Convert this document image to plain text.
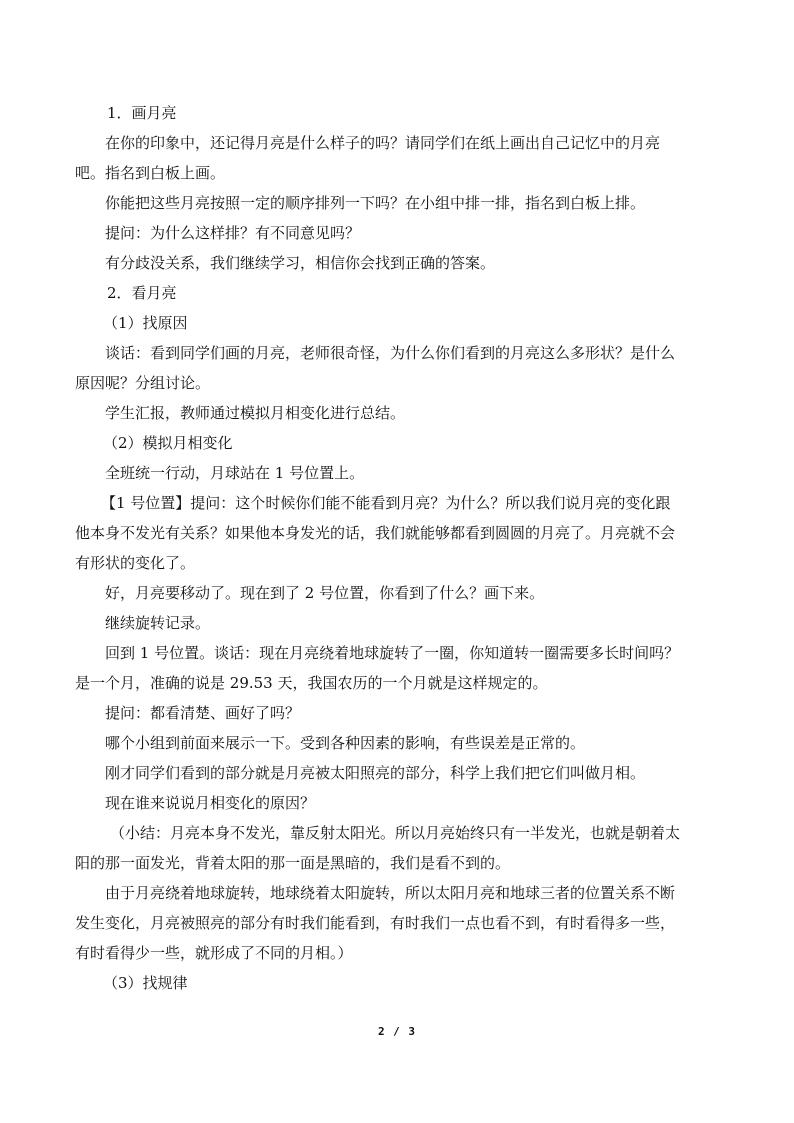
1．画月亮
在你的印象中，还记得月亮是什么样子的吗？请同学们在纸上画出自己记忆中的月亮
吧。指名到白板上画。
你能把这些月亮按照一定的顺序排列一下吗？在小组中排一排，指名到白板上排。
提问：为什么这样排？有不同意见吗？
有分歧没关系，我们继续学习，相信你会找到正确的答案。
2．看月亮
（1）找原因
谈话：看到同学们画的月亮，老师很奇怪，为什么你们看到的月亮这么多形状？是什么
原因呢？分组讨论。
学生汇报，教师通过模拟月相变化进行总结。
（2）模拟月相变化
全班统一行动，月球站在 1 号位置上。
【1 号位置】提问：这个时候你们能不能看到月亮？为什么？所以我们说月亮的变化跟
他本身不发光有关系？如果他本身发光的话，我们就能够都看到圆圆的月亮了。月亮就不会
有形状的变化了。
好，月亮要移动了。现在到了 2 号位置，你看到了什么？画下来。
继续旋转记录。
回到 1 号位置。谈话：现在月亮绕着地球旋转了一圈，你知道转一圈需要多长时间吗？
是一个月，准确的说是 29.53 天，我国农历的一个月就是这样规定的。
提问：都看清楚、画好了吗？
哪个小组到前面来展示一下。受到各种因素的影响，有些误差是正常的。
刚才同学们看到的部分就是月亮被太阳照亮的部分，科学上我们把它们叫做月相。
现在谁来说说月相变化的原因？
（小结：月亮本身不发光，靠反射太阳光。所以月亮始终只有一半发光，也就是朝着太
阳的那一面发光，背着太阳的那一面是黑暗的，我们是看不到的。
由于月亮绕着地球旋转，地球绕着太阳旋转，所以太阳月亮和地球三者的位置关系不断
发生变化，月亮被照亮的部分有时我们能看到，有时我们一点也看不到，有时看得多一些，
有时看得少一些，就形成了不同的月相。）
（3）找规律
2 / 3
